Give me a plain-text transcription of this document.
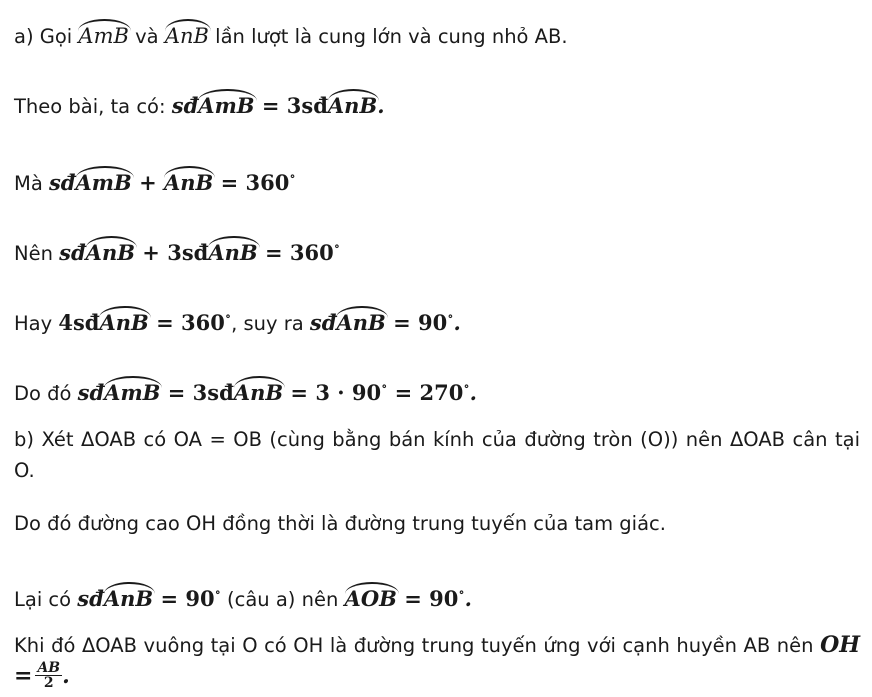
a) Gọi AmB và AnB lần lượt là cung lớn và cung nhỏ AB.
Theo bài, ta có: sđAmB = 3sđAnB.
Mà sđAmB + AnB = 360∘
Nên sđAnB + 3sđAnB = 360∘
Hay 4sđAnB = 360∘, suy ra sđAnB = 90∘.
Do đó sđAmB = 3sđAnB = 3 · 90∘ = 270∘.
b) Xét ΔOAB có OA = OB (cùng bằng bán kính của đường tròn (O)) nên ΔOAB cân tại O.
Do đó đường cao OH đồng thời là đường trung tuyến của tam giác.
Lại có sđAnB = 90∘ (câu a) nên AOB = 90∘.
Khi đó ΔOAB vuông tại O có OH là đường trung tuyến ứng với cạnh huyền AB nên OH = $\frac{AB}{2}$ .
